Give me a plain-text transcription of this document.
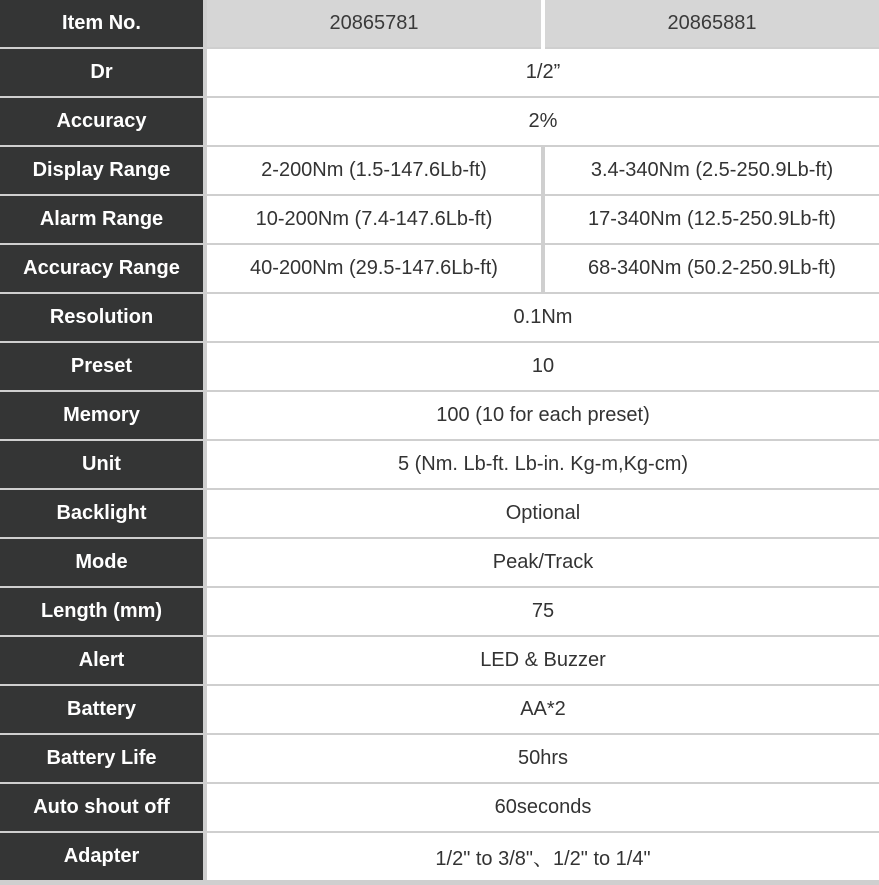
Item No.	20865781	20865881
Dr	1/2”	
Accuracy	2%	
Display Range	2-200Nm (1.5-147.6Lb-ft)	3.4-340Nm (2.5-250.9Lb-ft)
Alarm Range	10-200Nm (7.4-147.6Lb-ft)	17-340Nm (12.5-250.9Lb-ft)
Accuracy Range	40-200Nm (29.5-147.6Lb-ft)	68-340Nm (50.2-250.9Lb-ft)
Resolution	0.1Nm	
Preset	10	
Memory	100 (10 for each preset)	
Unit	5 (Nm. Lb-ft. Lb-in. Kg-m,Kg-cm)	
Backlight	Optional	
Mode	Peak/Track	
Length (mm)	75	
Alert	LED & Buzzer	
Battery	AA*2	
Battery Life	50hrs	
Auto shout off	60seconds	
Adapter	1/2" to 3/8"、1/2" to 1/4"	
